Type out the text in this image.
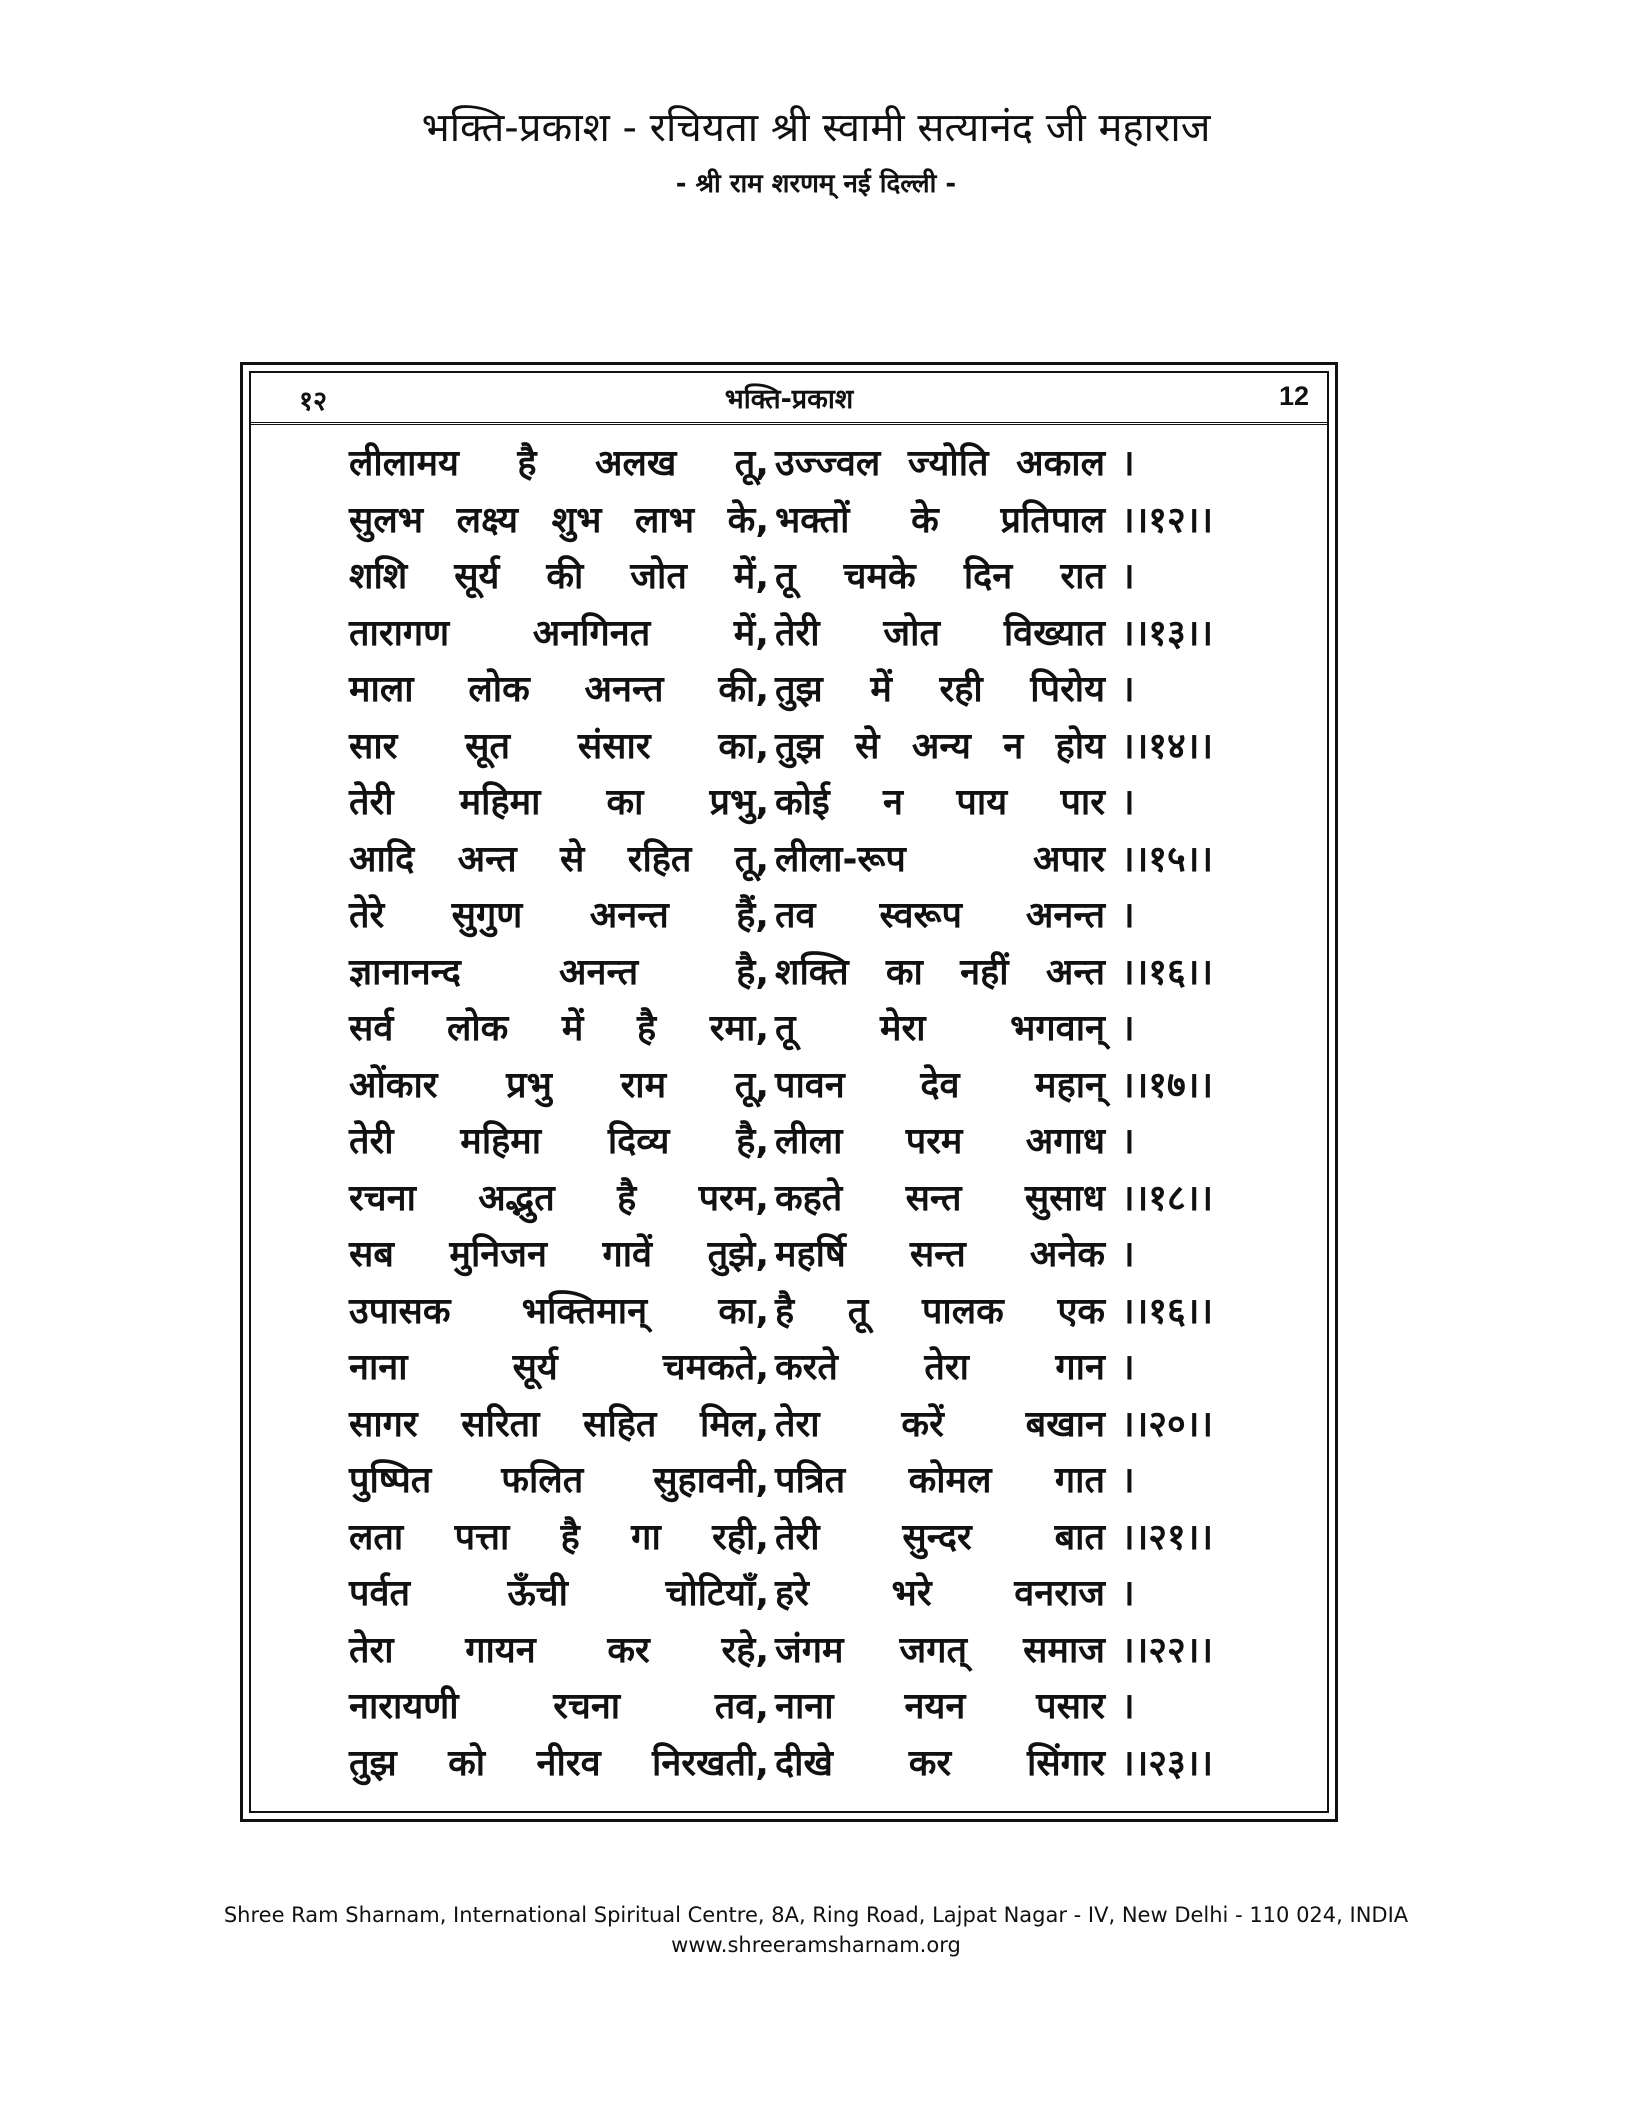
भक्ति-प्रकाश - रचियता श्री स्वामी सत्यानंद जी महाराज
- श्री राम शरणम् नई दिल्ली -
१२	भक्ति-प्रकाश	12
लीलामय है अलख तू, उज्ज्वल ज्योति अकाल ।
सुलभ लक्ष्य शुभ लाभ के, भक्तों के प्रतिपाल ।।१२।।
शशि सूर्य की जोत में, तू चमके दिन रात ।
तारागण अनगिनत में, तेरी जोत विख्यात ।।१३।।
माला लोक अनन्त की, तुझ में रही पिरोय ।
सार सूत संसार का, तुझ से अन्य न होय ।।१४।।
तेरी महिमा का प्रभु, कोई न पाय पार ।
आदि अन्त से रहित तू, लीला-रूप अपार ।।१५।।
तेरे सुगुण अनन्त हैं, तव स्वरूप अनन्त ।
ज्ञानानन्द अनन्त है, शक्ति का नहीं अन्त ।।१६।।
सर्व लोक में है रमा, तू मेरा भगवान् ।
ओंकार प्रभु राम तू, पावन देव महान् ।।१७।।
तेरी महिमा दिव्य है, लीला परम अगाध ।
रचना अद्भुत है परम, कहते सन्त सुसाध ।।१८।।
सब मुनिजन गावें तुझे, महर्षि सन्त अनेक ।
उपासक भक्तिमान् का, है तू पालक एक ।।१६।।
नाना सूर्य चमकते, करते तेरा गान ।
सागर सरिता सहित मिल, तेरा करें बखान ।।२०।।
पुष्पित फलित सुहावनी, पत्रित कोमल गात ।
लता पत्ता है गा रही, तेरी सुन्दर बात ।।२१।।
पर्वत ऊँची चोटियाँ, हरे भरे वनराज ।
तेरा गायन कर रहे, जंगम जगत् समाज ।।२२।।
नारायणी रचना तव, नाना नयन पसार ।
तुझ को नीरव निरखती, दीखे कर सिंगार ।।२३।।
Shree Ram Sharnam, International Spiritual Centre, 8A, Ring Road, Lajpat Nagar - IV, New Delhi - 110 024, INDIA
www.shreeramsharnam.org
